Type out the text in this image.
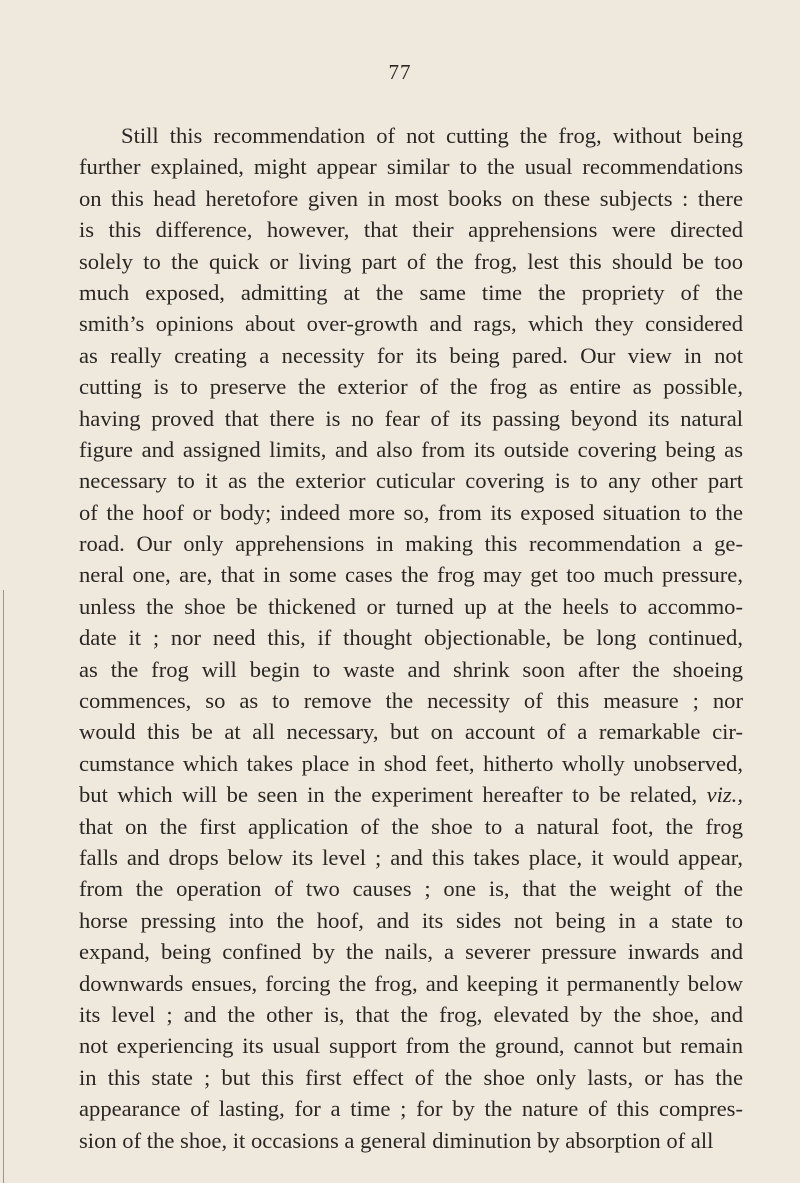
77
Still this recommendation of not cutting the frog, without being
further explained, might appear similar to the usual recommendations
on this head heretofore given in most books on these subjects : there
is this difference, however, that their apprehensions were directed
solely to the quick or living part of the frog, lest this should be too
much exposed, admitting at the same time the propriety of the
smith’s opinions about over-growth and rags, which they considered
as really creating a necessity for its being pared. Our view in not
cutting is to preserve the exterior of the frog as entire as possible,
having proved that there is no fear of its passing beyond its natural
figure and assigned limits, and also from its outside covering being as
necessary to it as the exterior cuticular covering is to any other part
of the hoof or body; indeed more so, from its exposed situation to the
road. Our only apprehensions in making this recommendation a ge-
neral one, are, that in some cases the frog may get too much pressure,
unless the shoe be thickened or turned up at the heels to accommo-
date it ; nor need this, if thought objectionable, be long continued,
as the frog will begin to waste and shrink soon after the shoeing
commences, so as to remove the necessity of this measure ; nor
would this be at all necessary, but on account of a remarkable cir-
cumstance which takes place in shod feet, hitherto wholly unobserved,
but which will be seen in the experiment hereafter to be related, viz.,
that on the first application of the shoe to a natural foot, the frog
falls and drops below its level ; and this takes place, it would appear,
from the operation of two causes ; one is, that the weight of the
horse pressing into the hoof, and its sides not being in a state to
expand, being confined by the nails, a severer pressure inwards and
downwards ensues, forcing the frog, and keeping it permanently below
its level ; and the other is, that the frog, elevated by the shoe, and
not experiencing its usual support from the ground, cannot but remain
in this state ; but this first effect of the shoe only lasts, or has the
appearance of lasting, for a time ; for by the nature of this compres-
sion of the shoe, it occasions a general diminution by absorption of all
